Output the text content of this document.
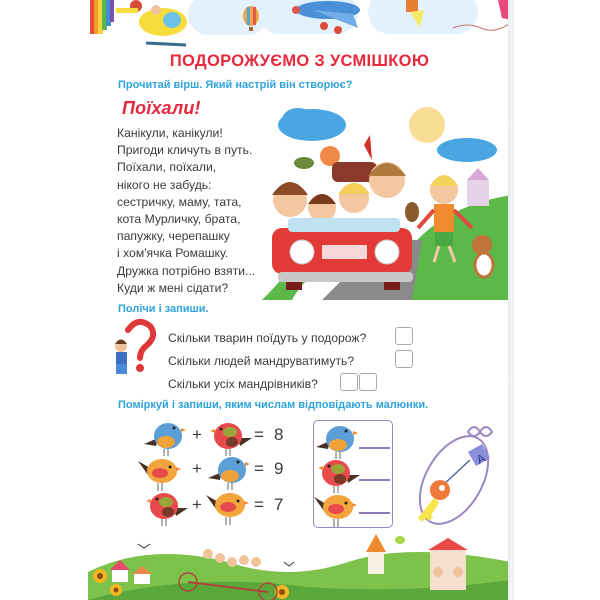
ПОДОРОЖУЄМО З УСМІШКОЮ
Прочитай вірш. Який настрій він створює?
Поїхали!
Канікули, канікули!
Пригоди кличуть в путь.
Поїхали, поїхали,
нікого не забудь:
сестричку, маму, тата,
кота Мурличку, брата,
папужку, черепашку
і хом'ячка Ромашку.
Дружка потрібно взяти...
Куди ж мені сідати?
Полічи і запиши.
Скільки тварин поїдуть у подорож?
Скільки людей мандруватимуть?
Скільки усіх мандрівників?
Поміркуй і запиши, яким числам відповідають малюнки.
+	= 8
+	= 9
+	= 7
A
